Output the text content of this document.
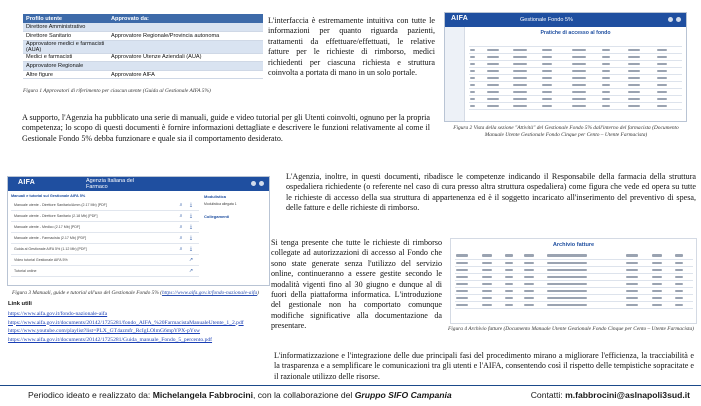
Profilo utente	Approvato da:
Direttore Amministrativo	
Direttore Sanitario	Approvatore Regionale/Provincia autonoma
Approvatore medici e farmacisti (AUA)	
Medici e farmacisti	Approvatore Utenze Aziendali (AUA)
Approvatore Regionale	
Altre figure	Approvatore AIFA
Figura 1 Approvatori di riferimento per ciascun utente (Guida al Gestionale AIFA 5%)
L'interfaccia è estremamente intuitiva con tutte le informazioni per quanto riguarda pazienti, trattamenti da effettuare/effettuati, le relative fatture per le richieste di rimborso, medici richiedenti per ciascuna richiesta e struttura coinvolta a portata di mano in un solo portale.
AIFA	Gestionale Fondo 5%
Pratiche di accesso al fondo

Figura 2 Vista della sezione "Attività" del Gestionale Fondo 5% dall'interno del farmacista (Documento Manuale Utente Gestionale Fondo Cinque per Cento – Utente Farmacista)
A supporto, l'Agenzia ha pubblicato una serie di manuali, guide e video tutorial per gli Utenti coinvolti, ognuno per la propria competenza; lo scopo di questi documenti è fornire informazioni dettagliate e descrivere le funzioni relativamente al come il Gestionale Fondo 5% debba funzionare e quale sia il comportamento desiderato.
AIFA	Agenzia Italiana del
Farmaco
Manuali e tutorial sul Gestionale AIFA 5%
Manuale utente - Direttore Sanitario/Amm.(2.17 Mb) [PDF]	⌕	⤓
Manuale utente - Direttore Sanitario (2.18 Mb) [PDF]	⌕	⤓
Manuale utente - Medico (2.17 Mb) [PDF]	⌕	⤓
Manuale utente - Farmacista (2.17 Mb) [PDF]	⌕	⤓
Guida al Gestionale AIFA 5% (1.12 Mb) [PDF]	⌕	⤓
Video tutorial Gestionale AIFA 5%	↗
Tutorial online	↗
Modulistica
Modulistica allegata 1
Collegamenti
Figura 3 Manuali, guide e tutorial all'uso del Gestionale Fondo 5% (https://www.aifa.gov.it/fondo-nazionale-aifa)
L'Agenzia, inoltre, in questi documenti, ribadisce le competenze indicando il Responsabile della farmacia della struttura ospedaliera richiedente (o referente nel caso di cura presso altra struttura ospedaliera) come figura che vede ed opera su tutte le richieste di accesso della sua struttura di appartenenza ed è il soggetto incaricato all'inserimento del preventivo di spesa, delle fatture e delle richieste di rimborso.
Si tenga presente che tutte le richieste di rimborso collegate ad autorizzazioni di accesso al Fondo che sono state generate senza l'utilizzo del servizio online, continueranno a essere gestite secondo le modalità vigenti fino al 30 giugno e dunque al di fuori della piattaforma informatica. L'introduzione del gestionale non ha comportato comunque modifiche significative alla documentazione da presentare.
Archivio fatture

Figura 4 Archivio fatture (Documento Manuale Utente Gestionale Fondo Cinque per Cento – Utente Farmacista)
Link utili
https://www.aifa.gov.it/fondo-nazionale-aifa
https://www.aifa.gov.it/documents/20142/1725281/fondo_AIFA_%20FarmacistaManualeUtente_1_2.pdf
https://www.youtube.com/playlist?list=PLX_GT4azmfr_RcIgLOlmG6mpYPX-pYsw
https://www.aifa.gov.it/documents/20142/1725281/Guida_manuale_Fondo_5_percento.pdf
L'informatizzazione e l'integrazione delle due principali fasi del procedimento mirano a migliorare l'efficienza, la tracciabilità e la trasparenza e a semplificare le comunicazioni tra gli utenti e l'AIFA, consentendo così il rispetto delle tempistiche sopracitate e il razionale utilizzo delle risorse.
Periodico ideato e realizzato da: Michelangela Fabbrocini, con la collaborazione del Gruppo SIFO Campania	Contatti: m.fabbrocini@aslnapoli3sud.it
